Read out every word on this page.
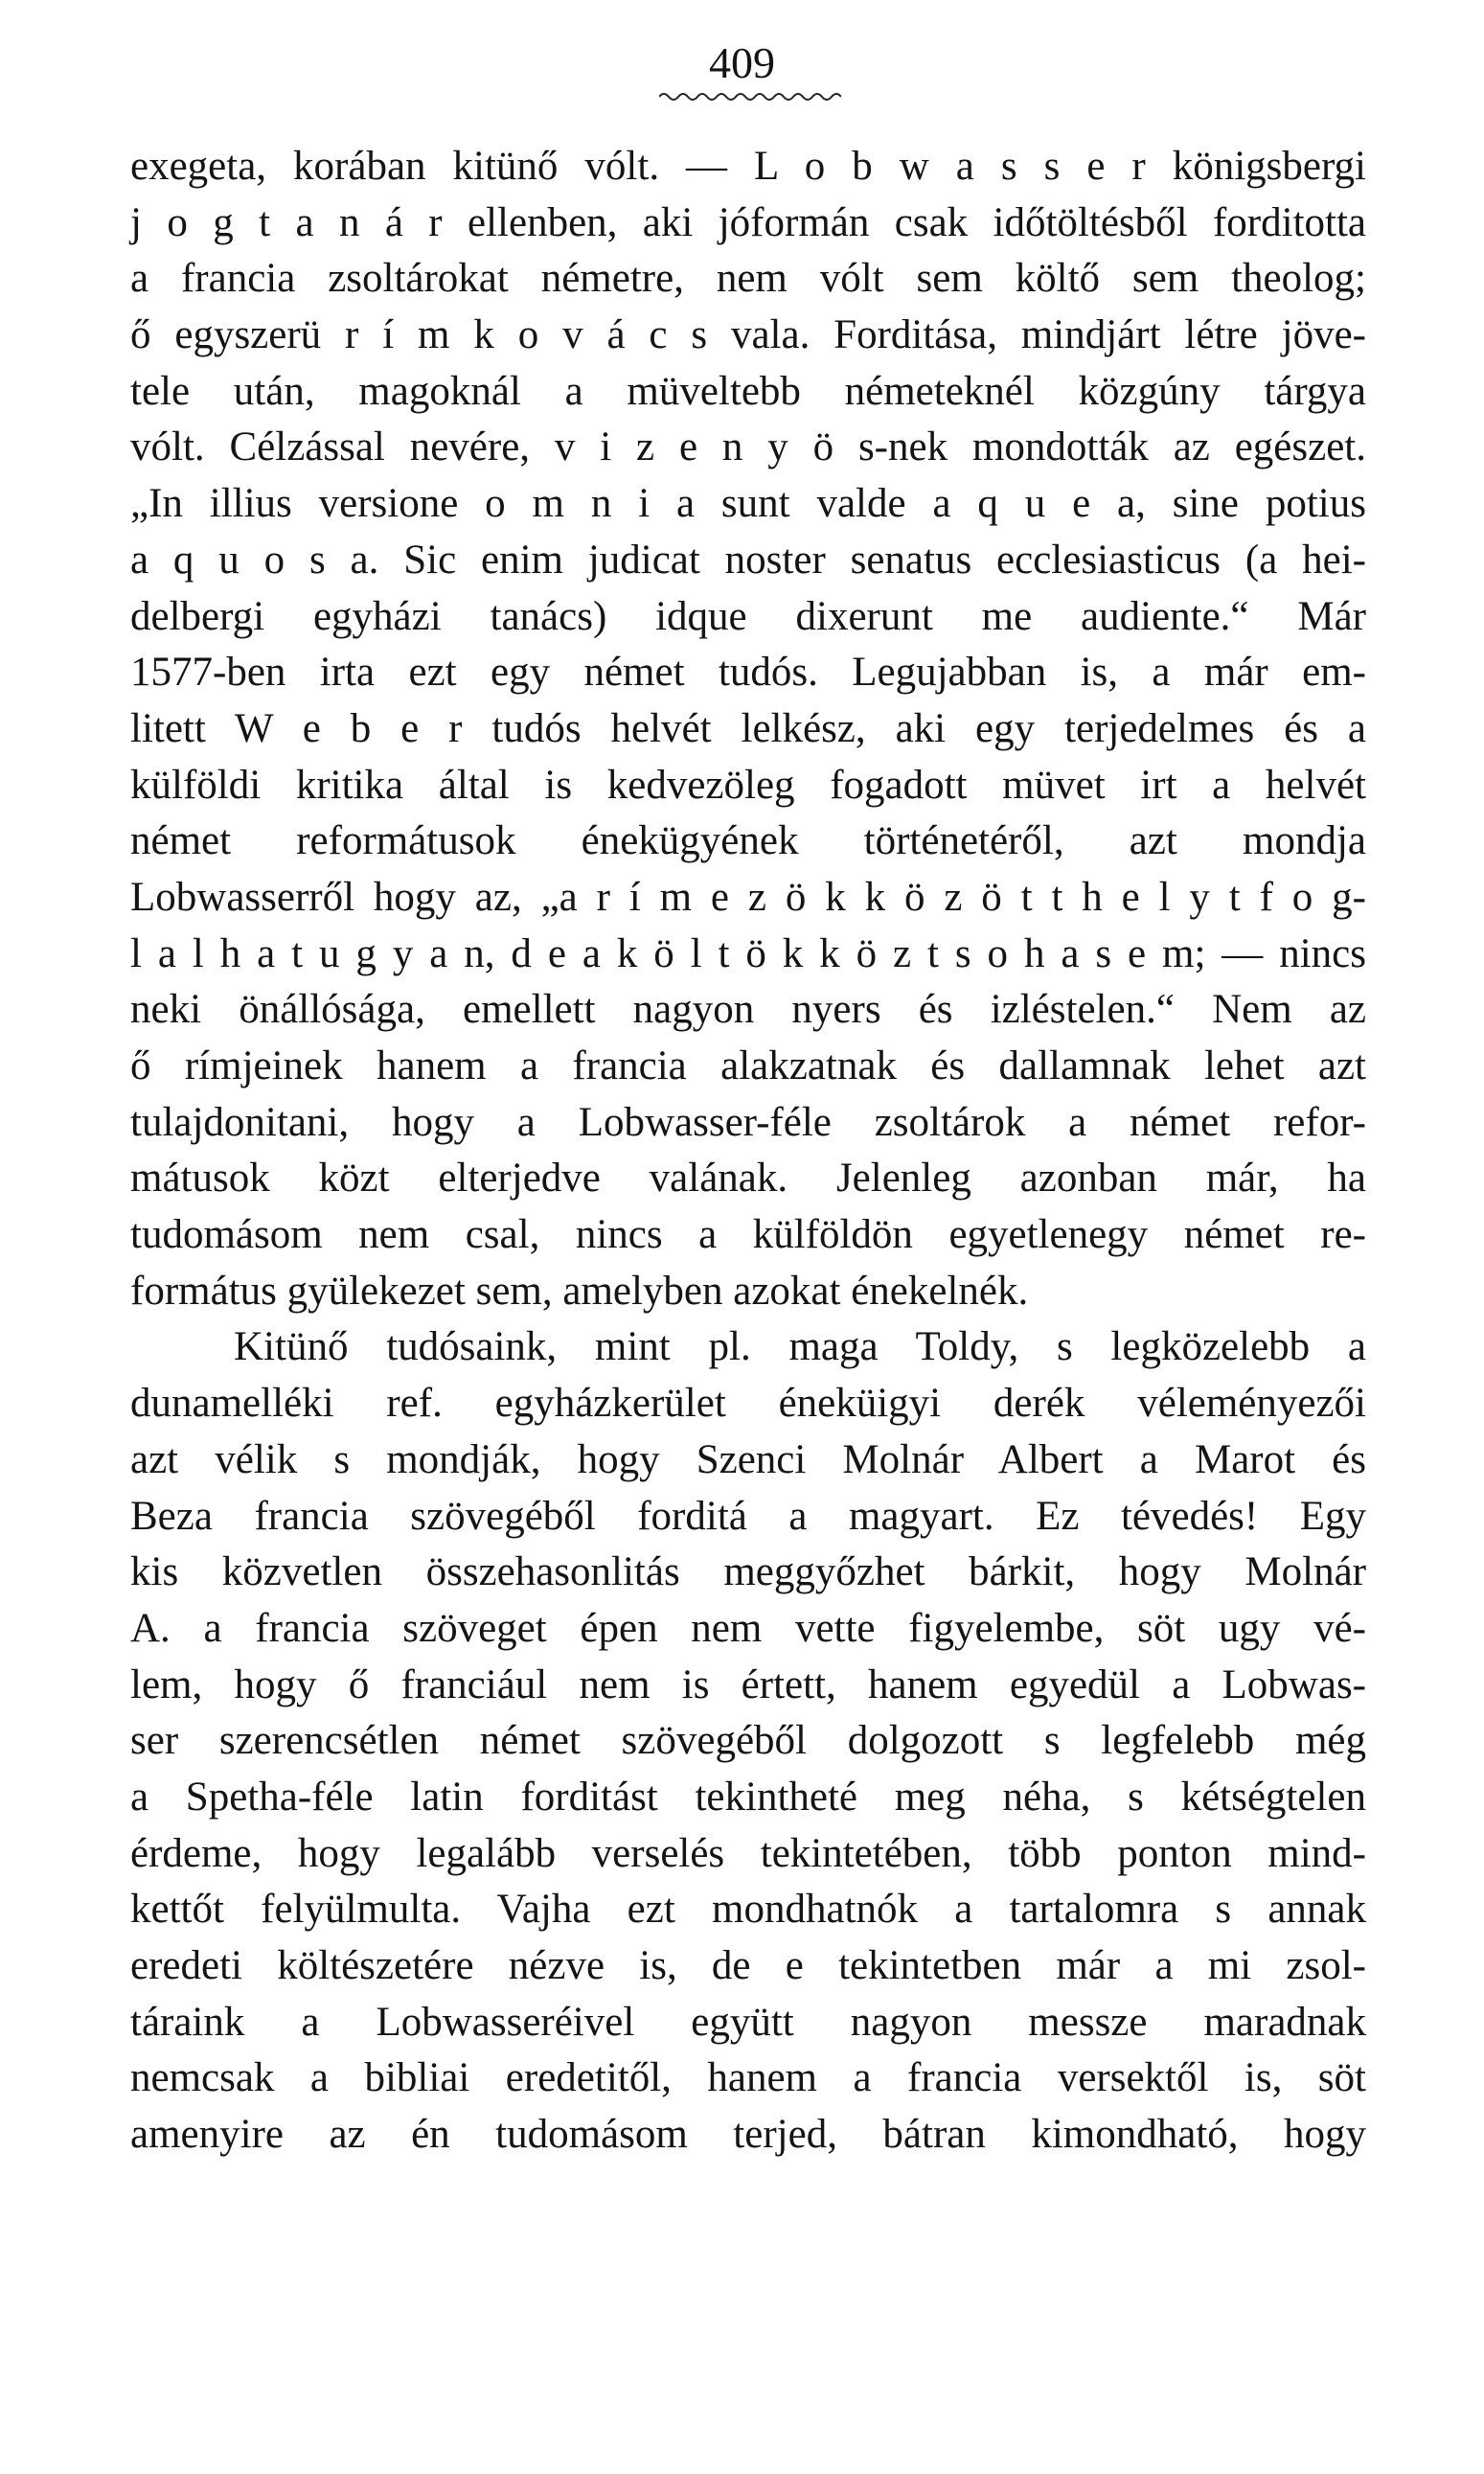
409
exegeta, korában kitünő vólt. — L o b w a s s e r königsbergi
j o g t a n á r ellenben, aki jóformán csak időtöltésből forditotta
a francia zsoltárokat németre, nem vólt sem költő sem theolog;
ő egyszerü r í m k o v á c s vala. Forditása, mindjárt létre jöve-
tele után, magoknál a müveltebb németeknél közgúny tárgya
vólt. Célzással nevére, v i z e n y ö s-nek mondották az egészet.
„In illius versione o m n i a sunt valde a q u e a, sine potius
a q u o s a. Sic enim judicat noster senatus ecclesiasticus (a hei-
delbergi egyházi tanács) idque dixerunt me audiente.“ Már
1577-ben irta ezt egy német tudós. Legujabban is, a már em-
litett W e b e r tudós helvét lelkész, aki egy terjedelmes és a
külföldi kritika által is kedvezöleg fogadott müvet irt a helvét
német reformátusok énekügyének történetéről, azt mondja
Lobwasserről hogy az, „a r í m e z ö k k ö z ö t t h e l y t f o g-
l a l h a t u g y a n, d e a k ö l t ö k k ö z t s o h a s e m; — nincs
neki önállósága, emellett nagyon nyers és izléstelen.“ Nem az
ő rímjeinek hanem a francia alakzatnak és dallamnak lehet azt
tulajdonitani, hogy a Lobwasser-féle zsoltárok a német refor-
mátusok közt elterjedve valának. Jelenleg azonban már, ha
tudomásom nem csal, nincs a külföldön egyetlenegy német re-
formátus gyülekezet sem, amelyben azokat énekelnék.
Kitünő tudósaink, mint pl. maga Toldy, s legközelebb a
dunamelléki ref. egyházkerület éneküigyi derék véleményezői
azt vélik s mondják, hogy Szenci Molnár Albert a Marot és
Beza francia szövegéből forditá a magyart. Ez tévedés! Egy
kis közvetlen összehasonlitás meggyőzhet bárkit, hogy Molnár
A. a francia szöveget épen nem vette figyelembe, söt ugy vé-
lem, hogy ő franciául nem is értett, hanem egyedül a Lobwas-
ser szerencsétlen német szövegéből dolgozott s legfelebb még
a Spetha-féle latin forditást tekintheté meg néha, s kétségtelen
érdeme, hogy legalább verselés tekintetében, több ponton mind-
kettőt felyülmulta. Vajha ezt mondhatnók a tartalomra s annak
eredeti költészetére nézve is, de e tekintetben már a mi zsol-
táraink a Lobwasseréivel együtt nagyon messze maradnak
nemcsak a bibliai eredetitől, hanem a francia versektől is, söt
amenyire az én tudomásom terjed, bátran kimondható, hogy
